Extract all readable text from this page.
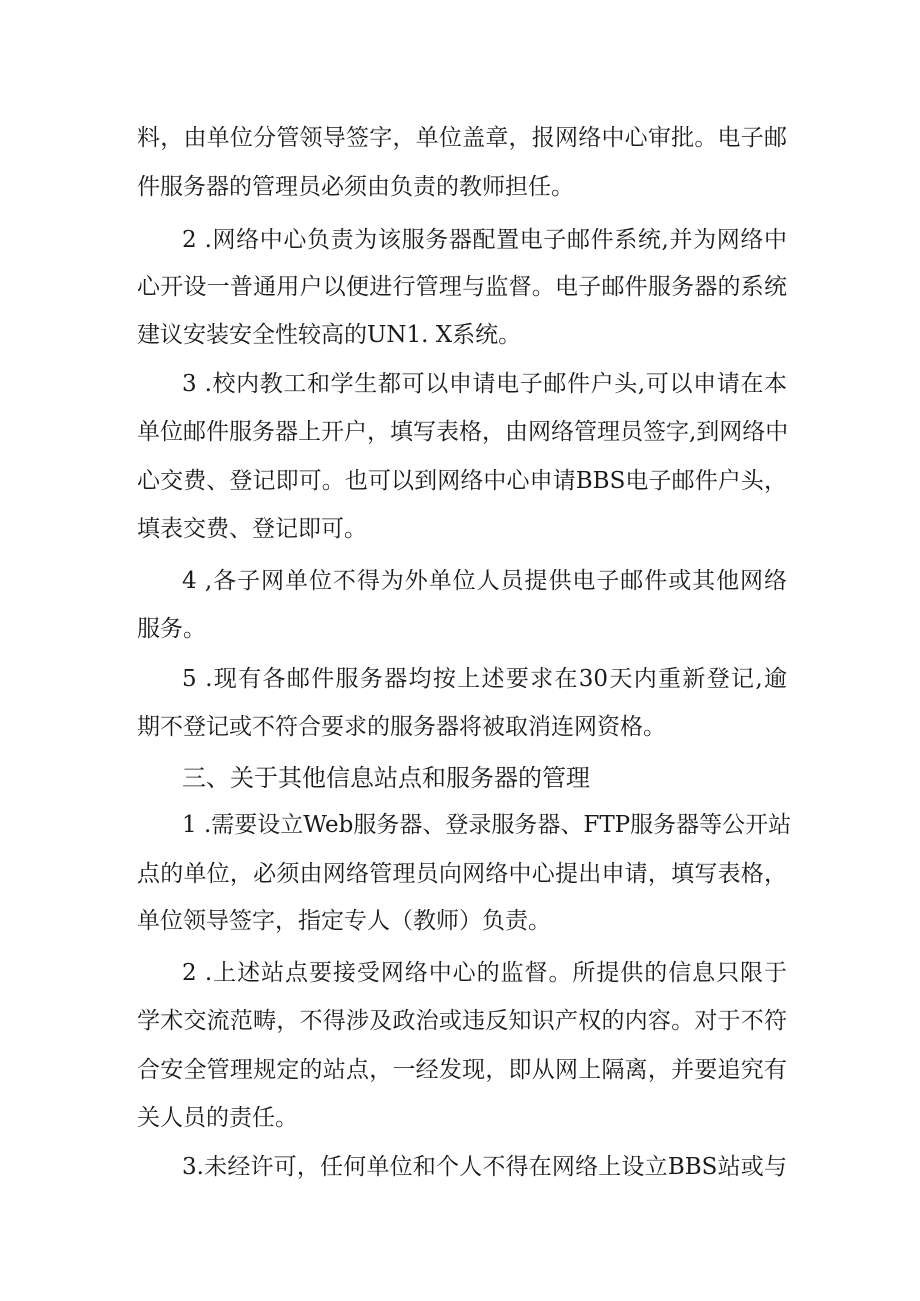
料，由单位分管领导签字，单位盖章，报网络中心审批。电子邮
件服务器的管理员必须由负责的教师担任。
2 .网络中心负责为该服务器配置电子邮件系统,并为网络中
心开设一普通用户以便进行管理与监督。电子邮件服务器的系统
建议安装安全性较高的UN1. X系统。
3 .校内教工和学生都可以申请电子邮件户头,可以申请在本
单位邮件服务器上开户，填写表格，由网络管理员签字,到网络中
心交费、登记即可。也可以到网络中心申请BBS电子邮件户头，
填表交费、登记即可。
4 ,各子网单位不得为外单位人员提供电子邮件或其他网络
服务。
5 .现有各邮件服务器均按上述要求在30天内重新登记,逾
期不登记或不符合要求的服务器将被取消连网资格。
三、关于其他信息站点和服务器的管理
1 .需要设立Web服务器、登录服务器、FTP服务器等公开站
点的单位，必须由网络管理员向网络中心提出申请，填写表格，
单位领导签字，指定专人（教师）负责。
2 .上述站点要接受网络中心的监督。所提供的信息只限于
学术交流范畴，不得涉及政治或违反知识产权的内容。对于不符
合安全管理规定的站点，一经发现，即从网上隔离，并要追究有
关人员的责任。
3.未经许可，任何单位和个人不得在网络上设立BBS站或与
